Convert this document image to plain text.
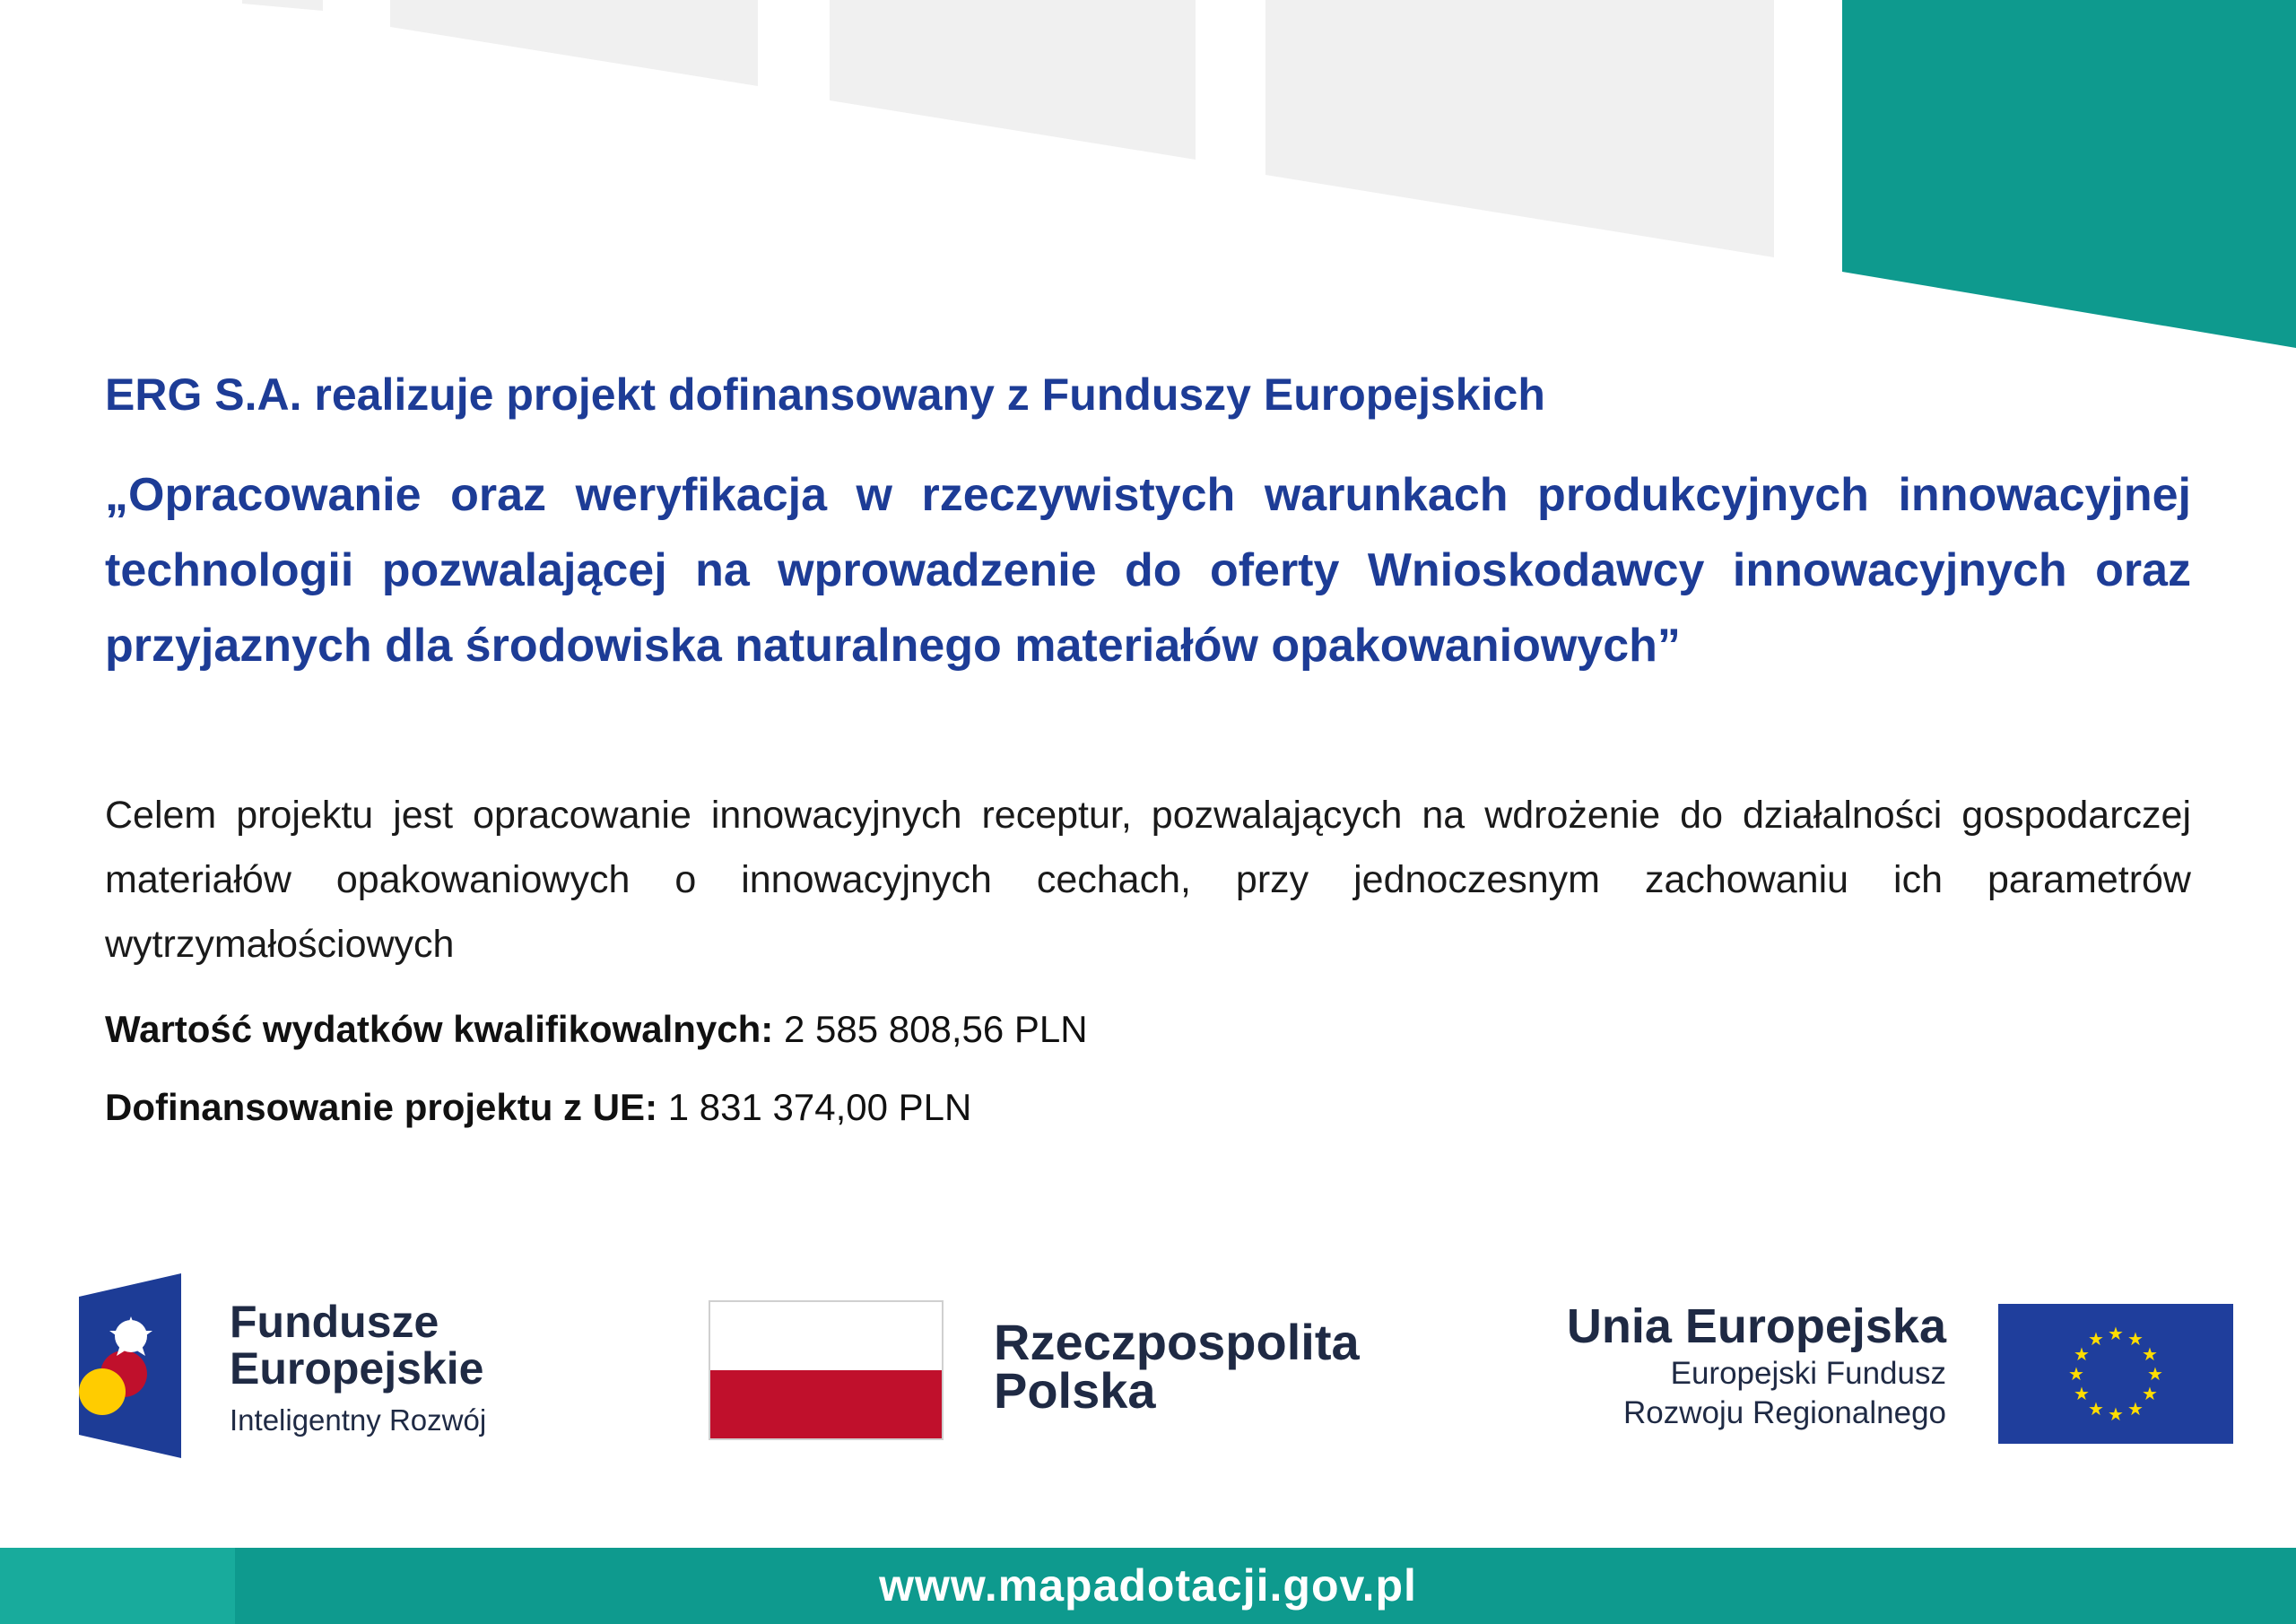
ERG S.A. realizuje projekt dofinansowany z Funduszy Europejskich

„Opracowanie oraz weryfikacja w rzeczywistych warunkach produkcyjnych innowacyjnej technologii pozwalającej na wprowadzenie do oferty Wnioskodawcy innowacyjnych oraz przyjaznych dla środowiska naturalnego materiałów opakowaniowych”

Celem projektu jest opracowanie innowacyjnych receptur, pozwalających na wdrożenie do działalności gospodarczej materiałów opakowaniowych o innowacyjnych cechach, przy jednoczesnym zachowaniu ich parametrów wytrzymałościowych

Wartość wydatków kwalifikowalnych: 2 585 808,56 PLN

Dofinansowanie projektu z UE: 1 831 374,00 PLN

Fundusze
Europejskie
Inteligentny Rozwój
Rzeczpospolita
Polska
Unia Europejska
Europejski Fundusz
Rozwoju Regionalnego
★ ★
★
★
★
★
★
★
★
★
★
★
www.mapadotacji.gov.pl
